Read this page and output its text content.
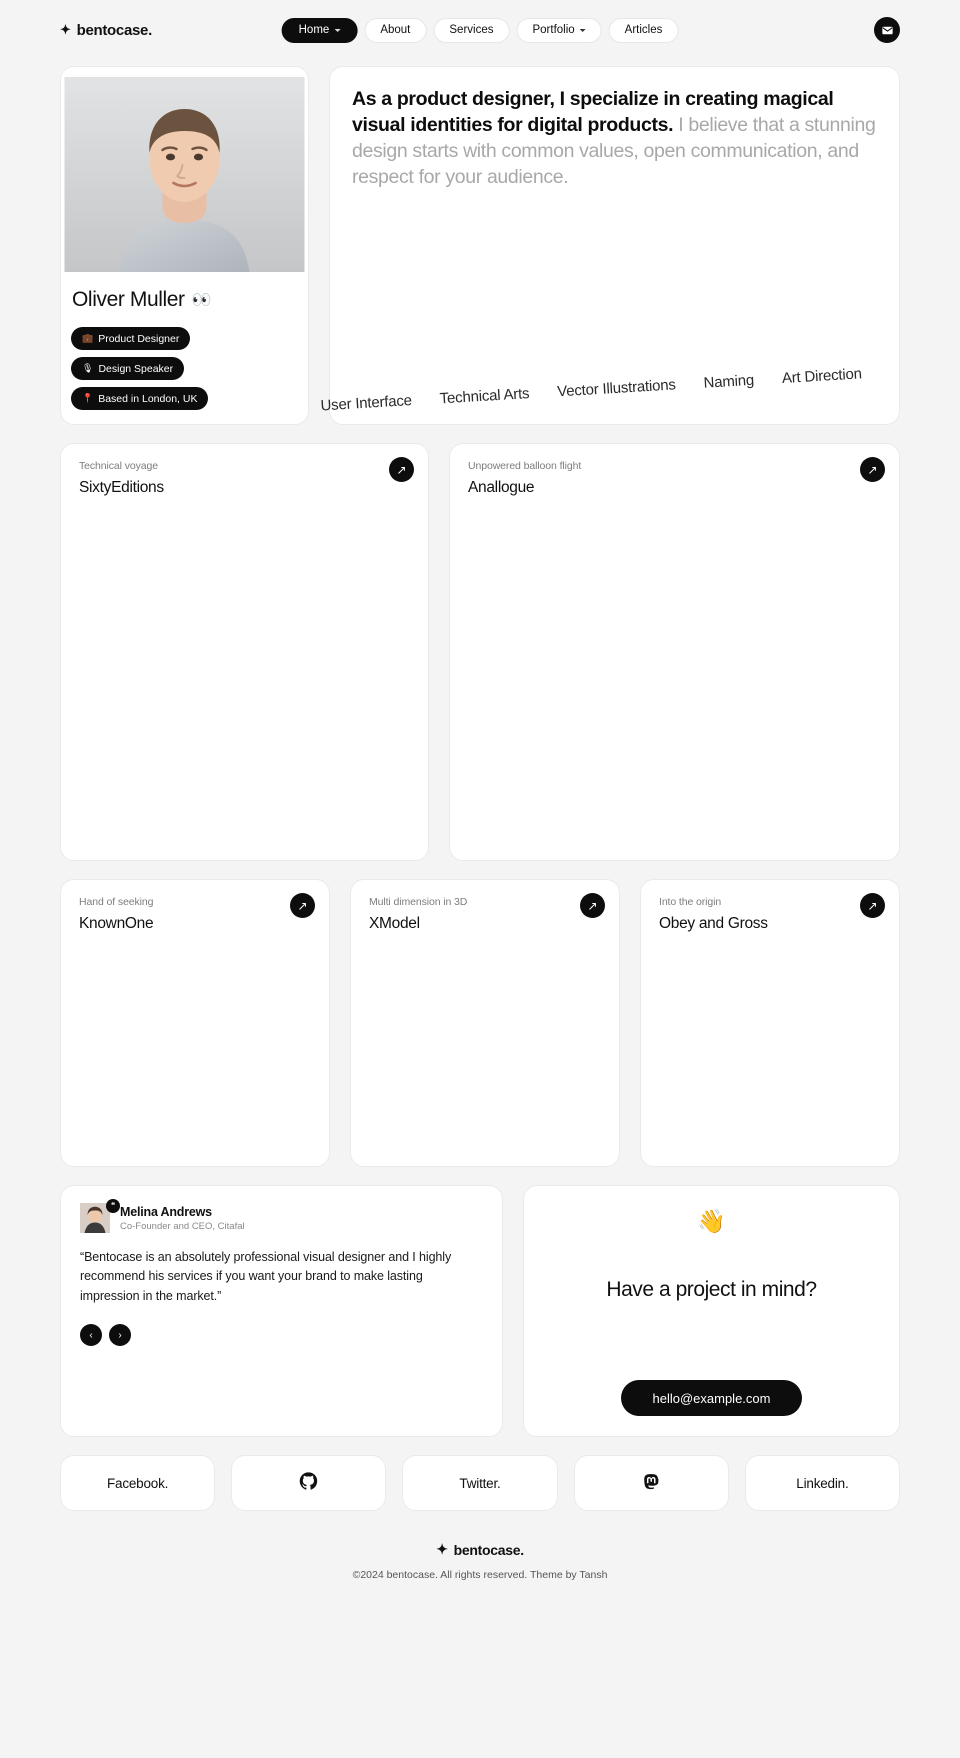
✦ bentocase.	Home	About	Services	Portfolio	Articles
Oliver Muller 👀
💼 Product Designer
🎙 Design Speaker
📍 Based in London, UK
As a product designer, I specialize in creating magical visual identities for digital products. I believe that a stunning design starts with common values, open communication, and respect for your audience.
User Interface Technical Arts Vector Illustrations Naming Art Direction
Technical voyage
SixtyEditions
↗	Unpowered balloon flight
Anallogue
↗
Hand of seeking
KnownOne
↗	Multi dimension in 3D
XModel
↗	Into the origin
Obey and Gross
↗
❝ Melina Andrews
Co-Founder and CEO, Citafal
“Bentocase is an absolutely professional visual designer and I highly recommend his services if you want your brand to make lasting impression in the market.”
‹	›
👋
Have a project in mind?
hello@example.com
Facebook.	Twitter.	Linkedin.
✦ bentocase.
©2024 bentocase. All rights reserved. Theme by Tansh
